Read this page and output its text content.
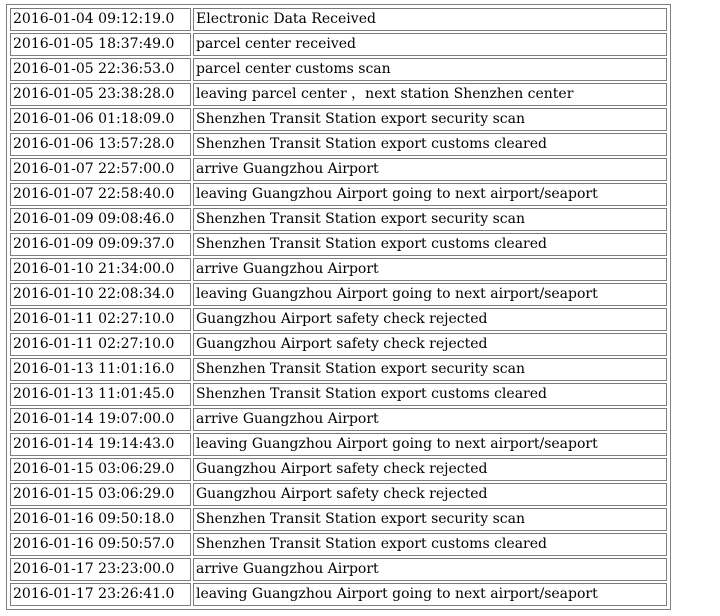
2016-01-04 09:12:19.0	Electronic Data Received
2016-01-05 18:37:49.0	parcel center received
2016-01-05 22:36:53.0	parcel center customs scan
2016-01-05 23:38:28.0	leaving parcel center ，next station Shenzhen center
2016-01-06 01:18:09.0	Shenzhen Transit Station export security scan
2016-01-06 13:57:28.0	Shenzhen Transit Station export customs cleared
2016-01-07 22:57:00.0	arrive Guangzhou Airport
2016-01-07 22:58:40.0	leaving Guangzhou Airport going to next airport/seaport
2016-01-09 09:08:46.0	Shenzhen Transit Station export security scan
2016-01-09 09:09:37.0	Shenzhen Transit Station export customs cleared
2016-01-10 21:34:00.0	arrive Guangzhou Airport
2016-01-10 22:08:34.0	leaving Guangzhou Airport going to next airport/seaport
2016-01-11 02:27:10.0	Guangzhou Airport safety check rejected
2016-01-11 02:27:10.0	Guangzhou Airport safety check rejected
2016-01-13 11:01:16.0	Shenzhen Transit Station export security scan
2016-01-13 11:01:45.0	Shenzhen Transit Station export customs cleared
2016-01-14 19:07:00.0	arrive Guangzhou Airport
2016-01-14 19:14:43.0	leaving Guangzhou Airport going to next airport/seaport
2016-01-15 03:06:29.0	Guangzhou Airport safety check rejected
2016-01-15 03:06:29.0	Guangzhou Airport safety check rejected
2016-01-16 09:50:18.0	Shenzhen Transit Station export security scan
2016-01-16 09:50:57.0	Shenzhen Transit Station export customs cleared
2016-01-17 23:23:00.0	arrive Guangzhou Airport
2016-01-17 23:26:41.0	leaving Guangzhou Airport going to next airport/seaport
